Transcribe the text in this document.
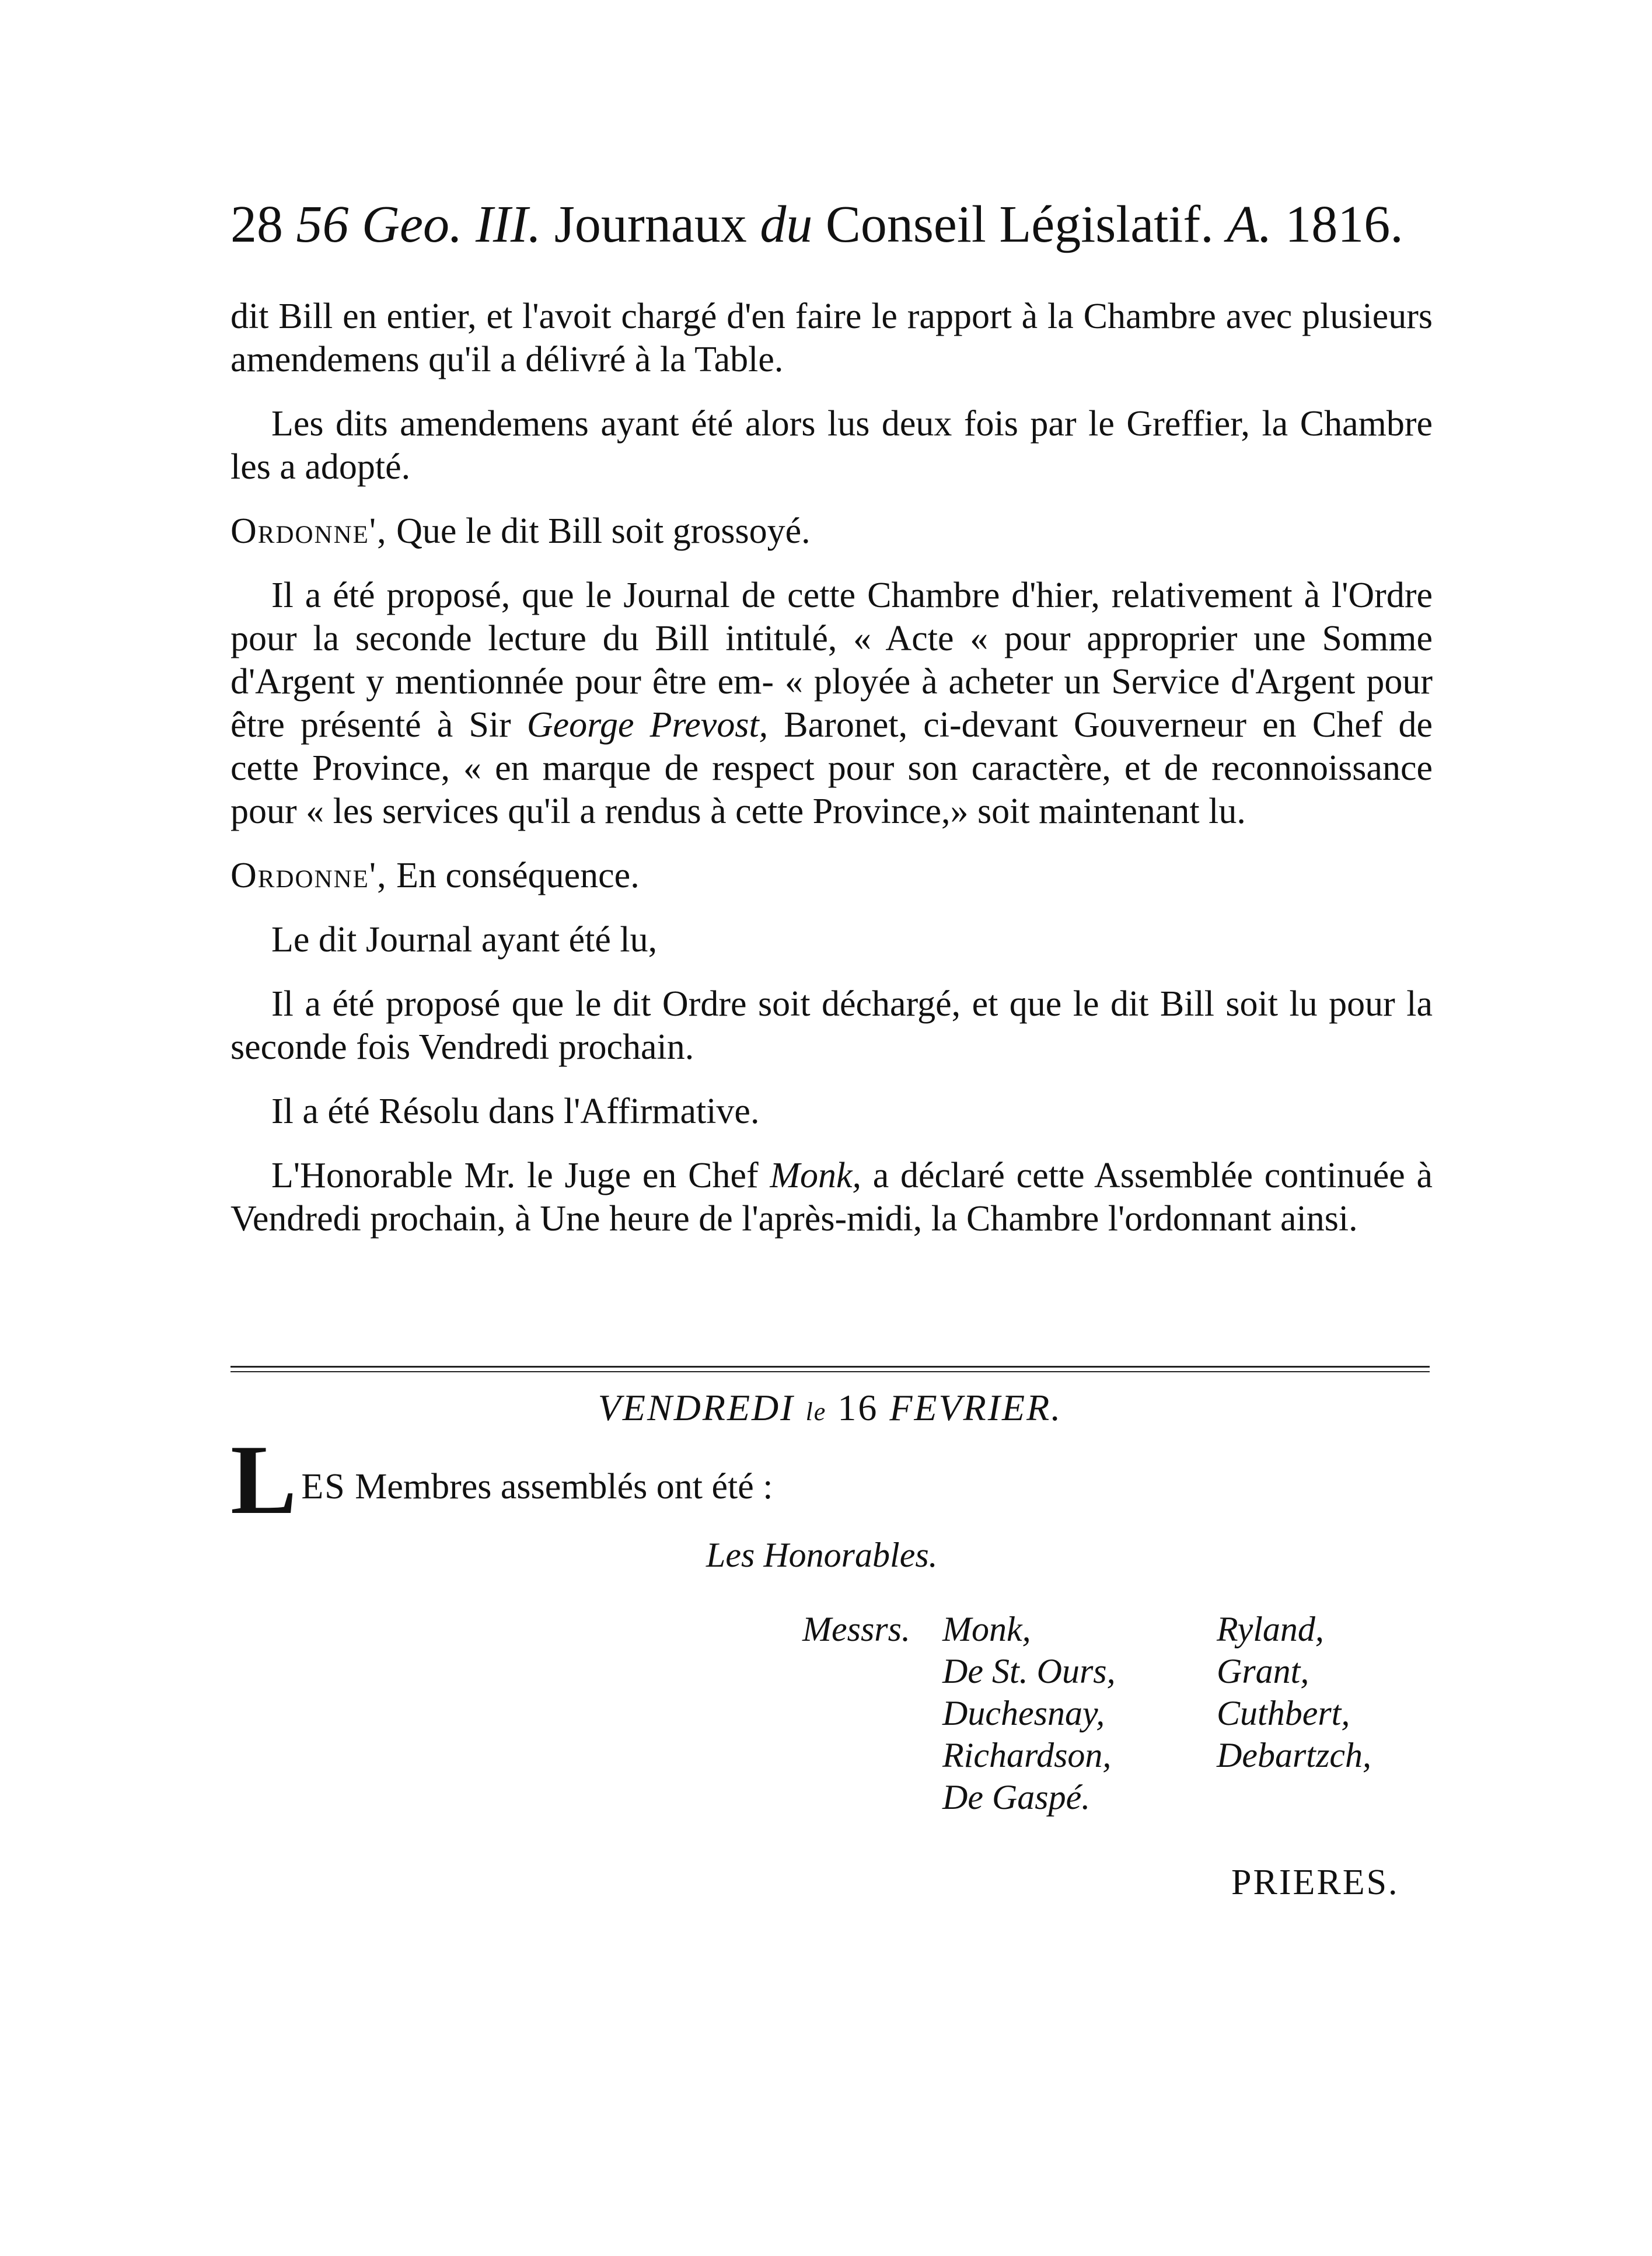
28 56 Geo. III. Journaux du Conseil Législatif. A. 1816.

dit Bill en entier, et l'avoit chargé d'en faire le rapport à la Chambre avec plusieurs amendemens qu'il a délivré à la Table.

Les dits amendemens ayant été alors lus deux fois par le Greffier, la Chambre les a adopté.

Ordonne', Que le dit Bill soit grossoyé.

Il a été proposé, que le Journal de cette Chambre d'hier, relativement à l'Ordre pour la seconde lecture du Bill intitulé, « Acte « pour approprier une Somme d'Argent y mentionnée pour être em- « ployée à acheter un Service d'Argent pour être présenté à Sir George Prevost, Baronet, ci-devant Gouverneur en Chef de cette Province, « en marque de respect pour son caractère, et de reconnoissance pour « les services qu'il a rendus à cette Province,» soit maintenant lu.

Ordonne', En conséquence.

Le dit Journal ayant été lu,

Il a été proposé que le dit Ordre soit déchargé, et que le dit Bill soit lu pour la seconde fois Vendredi prochain.

Il a été Résolu dans l'Affirmative.

L'Honorable Mr. le Juge en Chef Monk, a déclaré cette Assemblée continuée à Vendredi prochain, à Une heure de l'après-midi, la Chambre l'ordonnant ainsi.

VENDREDI le 16 FEVRIER.
L ES Membres assemblés ont été :
Les Honorables.
Messrs. Monk,
De St. Ours,
Duchesnay,
Richardson,
De Gaspé.
Ryland,
Grant,
Cuthbert,
Debartzch,
PRIERES.
